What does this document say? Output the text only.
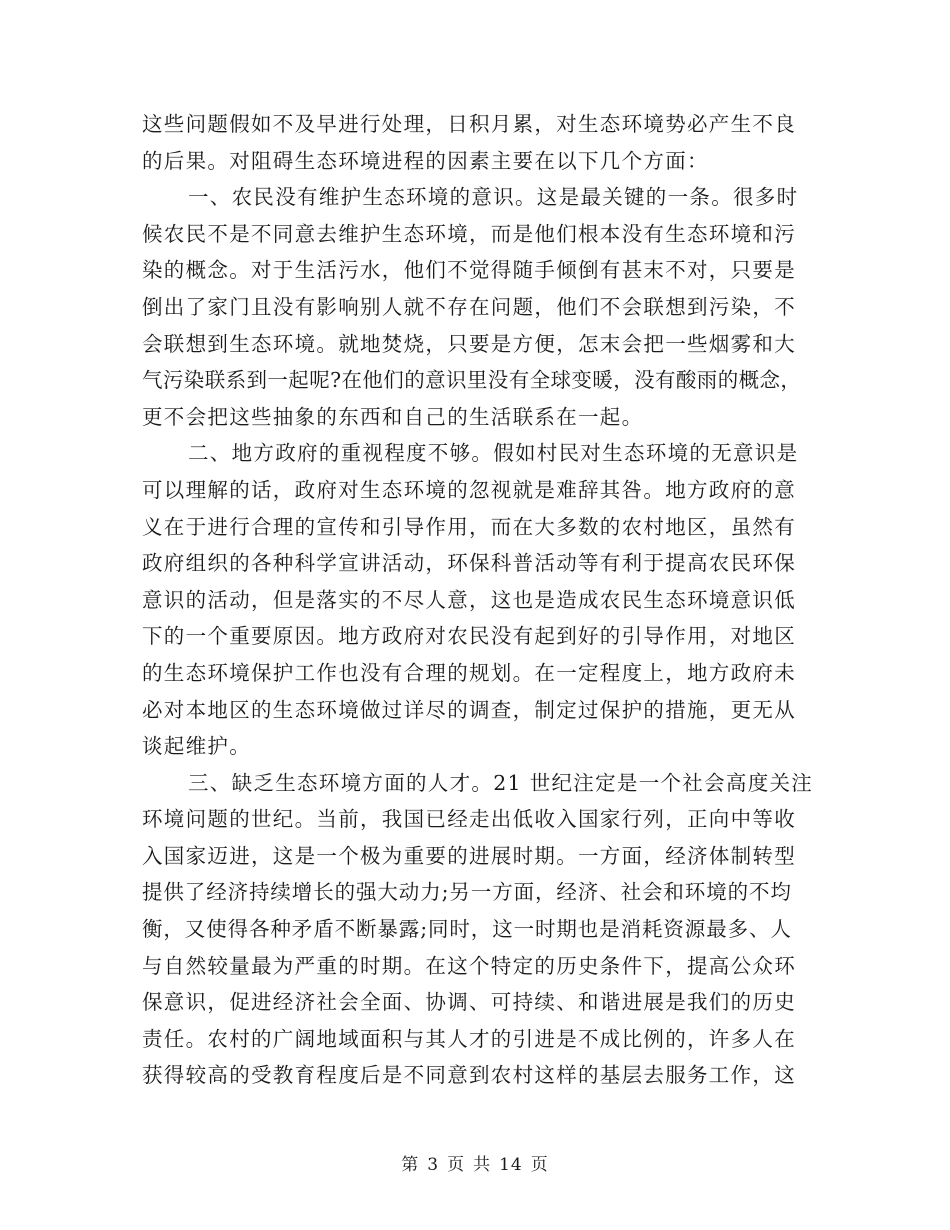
这些问题假如不及早进行处理，日积月累，对生态环境势必产生不良
的后果。对阻碍生态环境进程的因素主要在以下几个方面：
一、农民没有维护生态环境的意识。这是最关键的一条。很多时
候农民不是不同意去维护生态环境，而是他们根本没有生态环境和污
染的概念。对于生活污水，他们不觉得随手倾倒有甚末不对，只要是
倒出了家门且没有影响别人就不存在问题，他们不会联想到污染，不
会联想到生态环境。就地焚烧，只要是方便，怎末会把一些烟雾和大
气污染联系到一起呢?在他们的意识里没有全球变暖，没有酸雨的概念，
更不会把这些抽象的东西和自己的生活联系在一起。
二、地方政府的重视程度不够。假如村民对生态环境的无意识是
可以理解的话，政府对生态环境的忽视就是难辞其咎。地方政府的意
义在于进行合理的宣传和引导作用，而在大多数的农村地区，虽然有
政府组织的各种科学宣讲活动，环保科普活动等有利于提高农民环保
意识的活动，但是落实的不尽人意，这也是造成农民生态环境意识低
下的一个重要原因。地方政府对农民没有起到好的引导作用，对地区
的生态环境保护工作也没有合理的规划。在一定程度上，地方政府未
必对本地区的生态环境做过详尽的调查，制定过保护的措施，更无从
谈起维护。
三、缺乏生态环境方面的人才。21 世纪注定是一个社会高度关注
环境问题的世纪。当前，我国已经走出低收入国家行列，正向中等收
入国家迈进，这是一个极为重要的进展时期。一方面，经济体制转型
提供了经济持续增长的强大动力;另一方面，经济、社会和环境的不均
衡，又使得各种矛盾不断暴露;同时，这一时期也是消耗资源最多、人
与自然较量最为严重的时期。在这个特定的历史条件下，提高公众环
保意识，促进经济社会全面、协调、可持续、和谐进展是我们的历史
责任。农村的广阔地域面积与其人才的引进是不成比例的，许多人在
获得较高的受教育程度后是不同意到农村这样的基层去服务工作，这
第 3 页 共 14 页
